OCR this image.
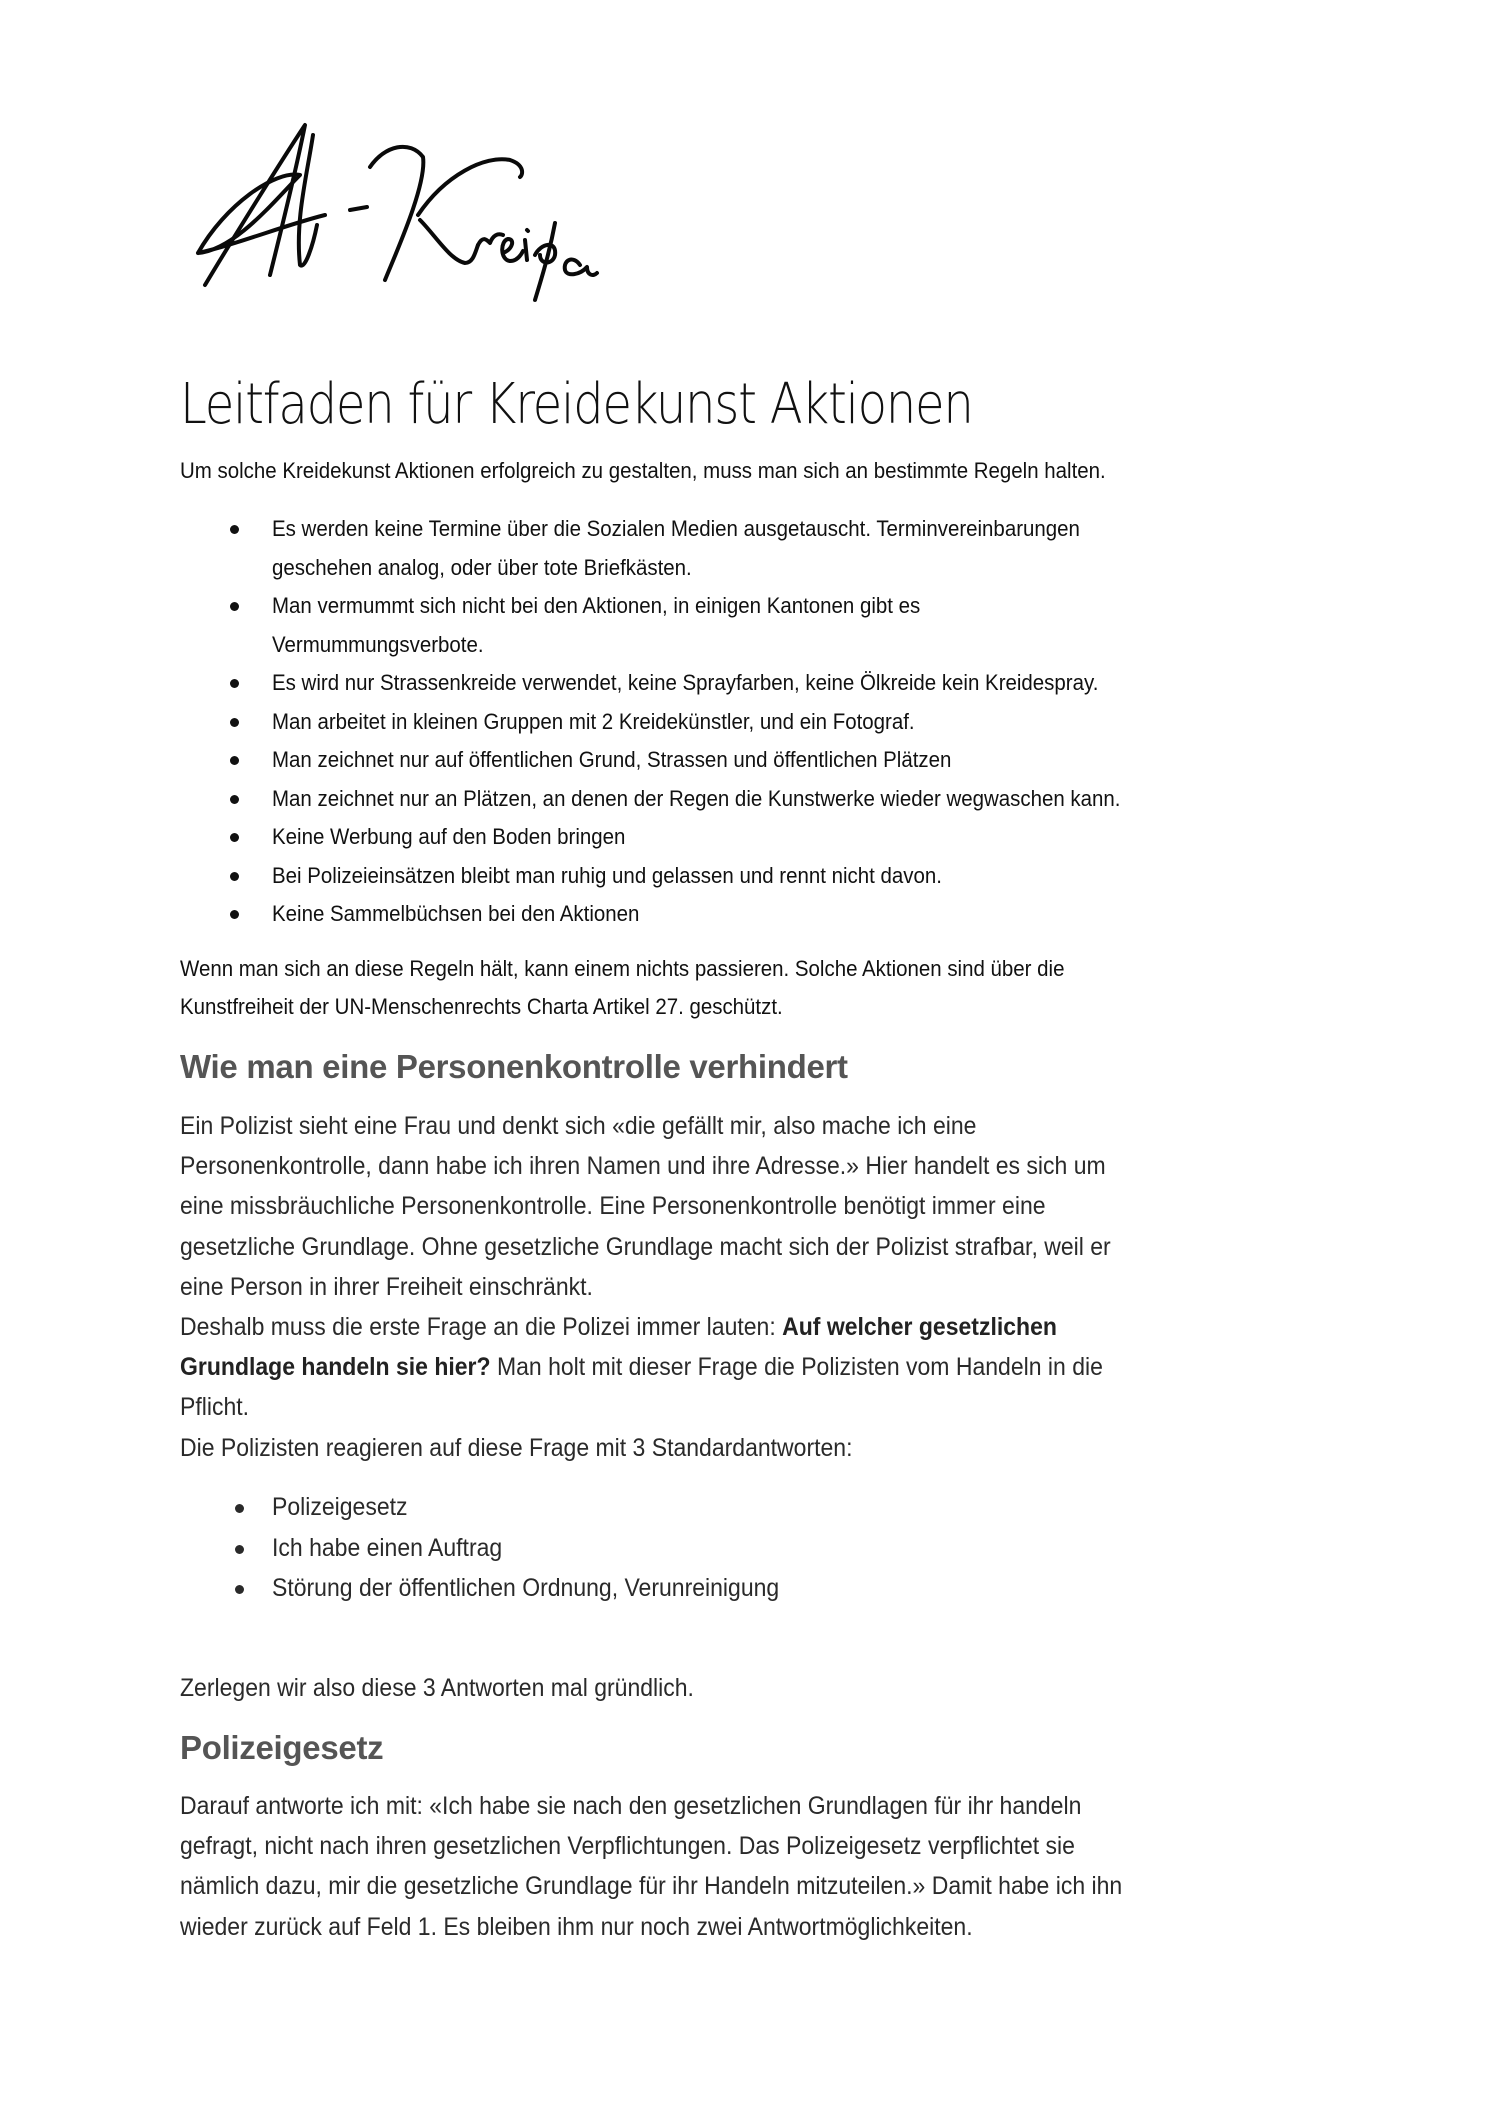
Leitfaden für Kreidekunst Aktionen

Um solche Kreidekunst Aktionen erfolgreich zu gestalten, muss man sich an bestimmte Regeln halten.

Es werden keine Termine über die Sozialen Medien ausgetauscht. Terminvereinbarungen
geschehen analog, oder über tote Briefkästen.
Man vermummt sich nicht bei den Aktionen, in einigen Kantonen gibt es
Vermummungsverbote.
Es wird nur Strassenkreide verwendet, keine Sprayfarben, keine Ölkreide kein Kreidespray.
Man arbeitet in kleinen Gruppen mit 2 Kreidekünstler, und ein Fotograf.
Man zeichnet nur auf öffentlichen Grund, Strassen und öffentlichen Plätzen
Man zeichnet nur an Plätzen, an denen der Regen die Kunstwerke wieder wegwaschen kann.
Keine Werbung auf den Boden bringen
Bei Polizeieinsätzen bleibt man ruhig und gelassen und rennt nicht davon.
Keine Sammelbüchsen bei den Aktionen

Wenn man sich an diese Regeln hält, kann einem nichts passieren. Solche Aktionen sind über die
Kunstfreiheit der UN-Menschenrechts Charta Artikel 27. geschützt.

Wie man eine Personenkontrolle verhindert

Ein Polizist sieht eine Frau und denkt sich «die gefällt mir, also mache ich eine
Personenkontrolle, dann habe ich ihren Namen und ihre Adresse.» Hier handelt es sich um
eine missbräuchliche Personenkontrolle. Eine Personenkontrolle benötigt immer eine
gesetzliche Grundlage. Ohne gesetzliche Grundlage macht sich der Polizist strafbar, weil er
eine Person in ihrer Freiheit einschränkt.

Deshalb muss die erste Frage an die Polizei immer lauten: Auf welcher gesetzlichen
Grundlage handeln sie hier? Man holt mit dieser Frage die Polizisten vom Handeln in die
Pflicht.
Die Polizisten reagieren auf diese Frage mit 3 Standardantworten:

Polizeigesetz
Ich habe einen Auftrag
Störung der öffentlichen Ordnung, Verunreinigung

Zerlegen wir also diese 3 Antworten mal gründlich.

Polizeigesetz

Darauf antworte ich mit: «Ich habe sie nach den gesetzlichen Grundlagen für ihr handeln
gefragt, nicht nach ihren gesetzlichen Verpflichtungen. Das Polizeigesetz verpflichtet sie
nämlich dazu, mir die gesetzliche Grundlage für ihr Handeln mitzuteilen.» Damit habe ich ihn
wieder zurück auf Feld 1. Es bleiben ihm nur noch zwei Antwortmöglichkeiten.
